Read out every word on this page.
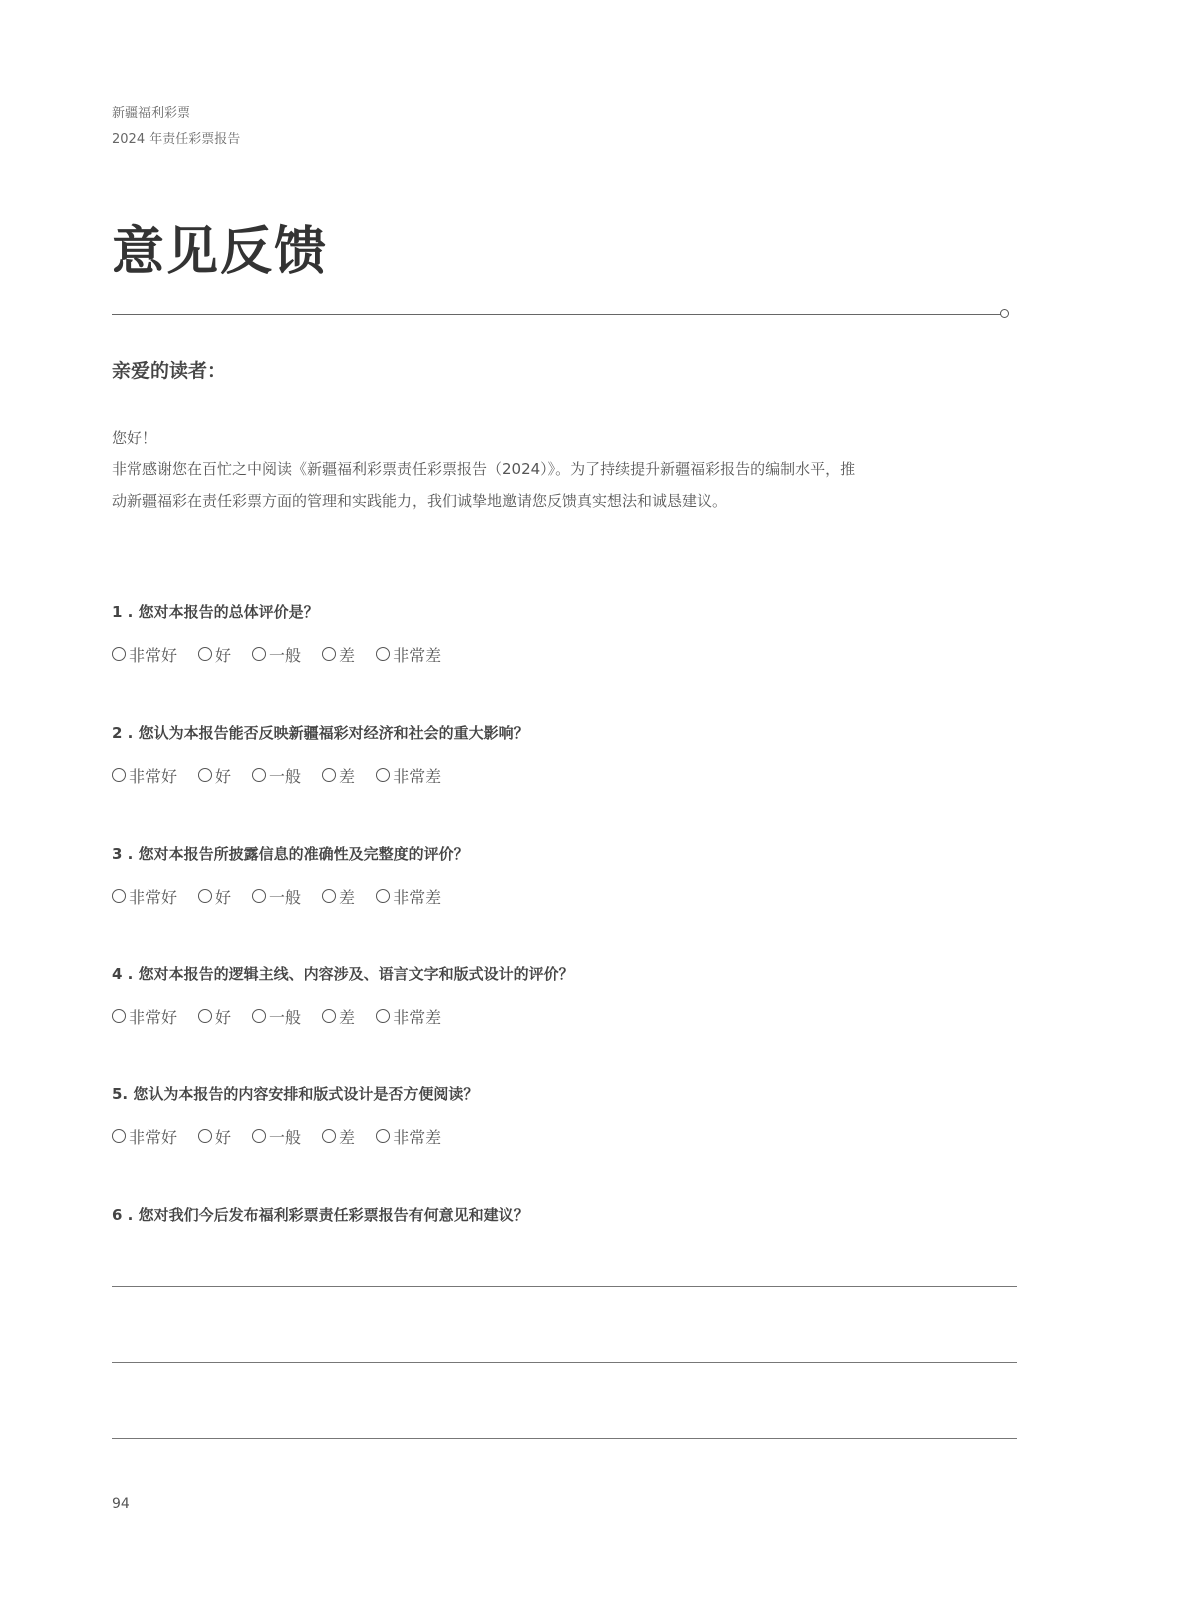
新疆福利彩票
2024 年责任彩票报告
意见反馈
亲爱的读者：
您好！
非常感谢您在百忙之中阅读《新疆福利彩票责任彩票报告（2024）》。为了持续提升新疆福彩报告的编制水平，推
动新疆福彩在责任彩票方面的管理和实践能力，我们诚挚地邀请您反馈真实想法和诚恳建议。
1 . 您对本报告的总体评价是？
非常好 好 一般 差 非常差
2 . 您认为本报告能否反映新疆福彩对经济和社会的重大影响？
非常好 好 一般 差 非常差
3 . 您对本报告所披露信息的准确性及完整度的评价？
非常好 好 一般 差 非常差
4 . 您对本报告的逻辑主线、内容涉及、语言文字和版式设计的评价？
非常好 好 一般 差 非常差
5. 您认为本报告的内容安排和版式设计是否方便阅读？
非常好 好 一般 差 非常差
6 . 您对我们今后发布福利彩票责任彩票报告有何意见和建议？
94
